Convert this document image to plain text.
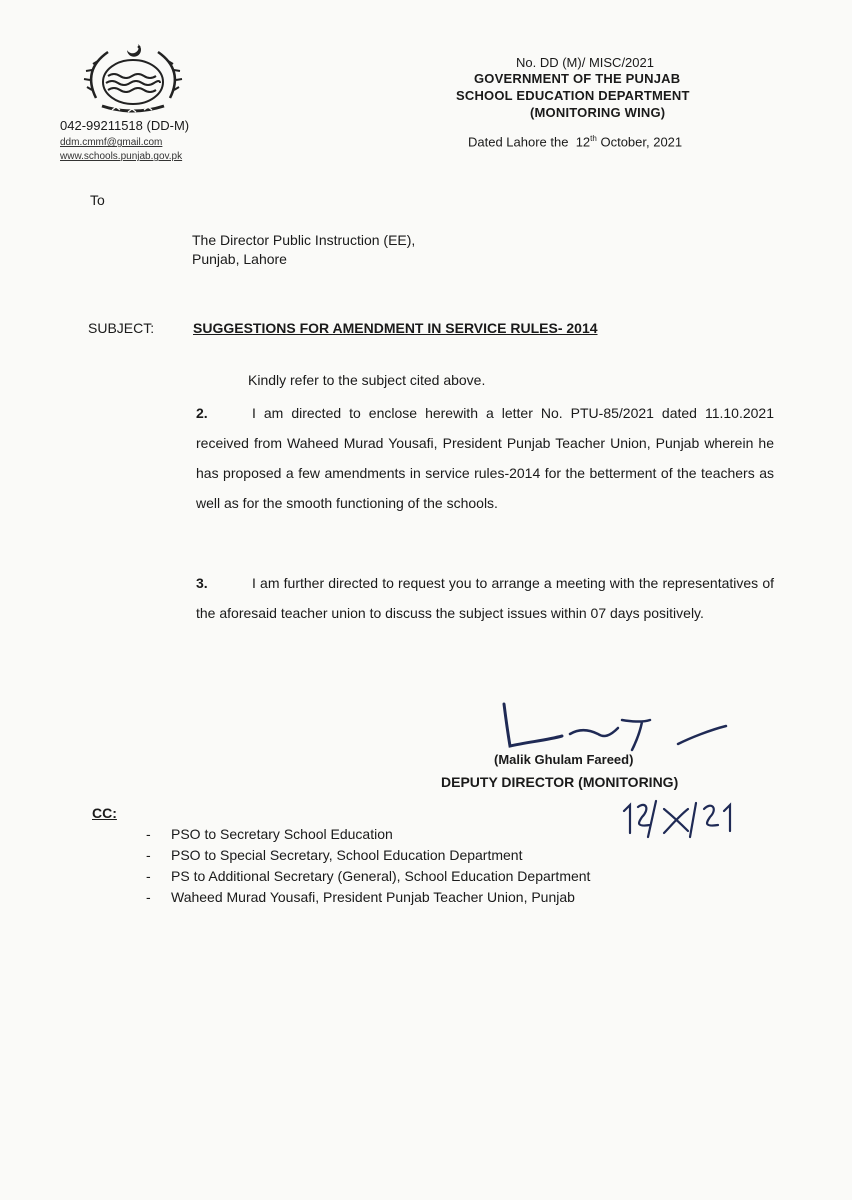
042-99211518 (DD-M)
ddm.cmmf@gmail.com
www.schools.punjab.gov.pk
No. DD (M)/ MISC/2021
GOVERNMENT OF THE PUNJAB
SCHOOL EDUCATION DEPARTMENT
(MONITORING WING)
Dated Lahore the 12th October, 2021
To
The Director Public Instruction (EE),
Punjab, Lahore
SUBJECT:	SUGGESTIONS FOR AMENDMENT IN SERVICE RULES- 2014
Kindly refer to the subject cited above.
2.	I am directed to enclose herewith a letter No. PTU-85/2021 dated 11.10.2021 received from Waheed Murad Yousafi, President Punjab Teacher Union, Punjab wherein he has proposed a few amendments in service rules-2014 for the betterment of the teachers as well as for the smooth functioning of the schools.
3.	I am further directed to request you to arrange a meeting with the representatives of the aforesaid teacher union to discuss the subject issues within 07 days positively.
(Malik Ghulam Fareed)
DEPUTY DIRECTOR (MONITORING)
CC:
- PSO to Secretary School Education
- PSO to Special Secretary, School Education Department
- PS to Additional Secretary (General), School Education Department
- Waheed Murad Yousafi, President Punjab Teacher Union, Punjab
